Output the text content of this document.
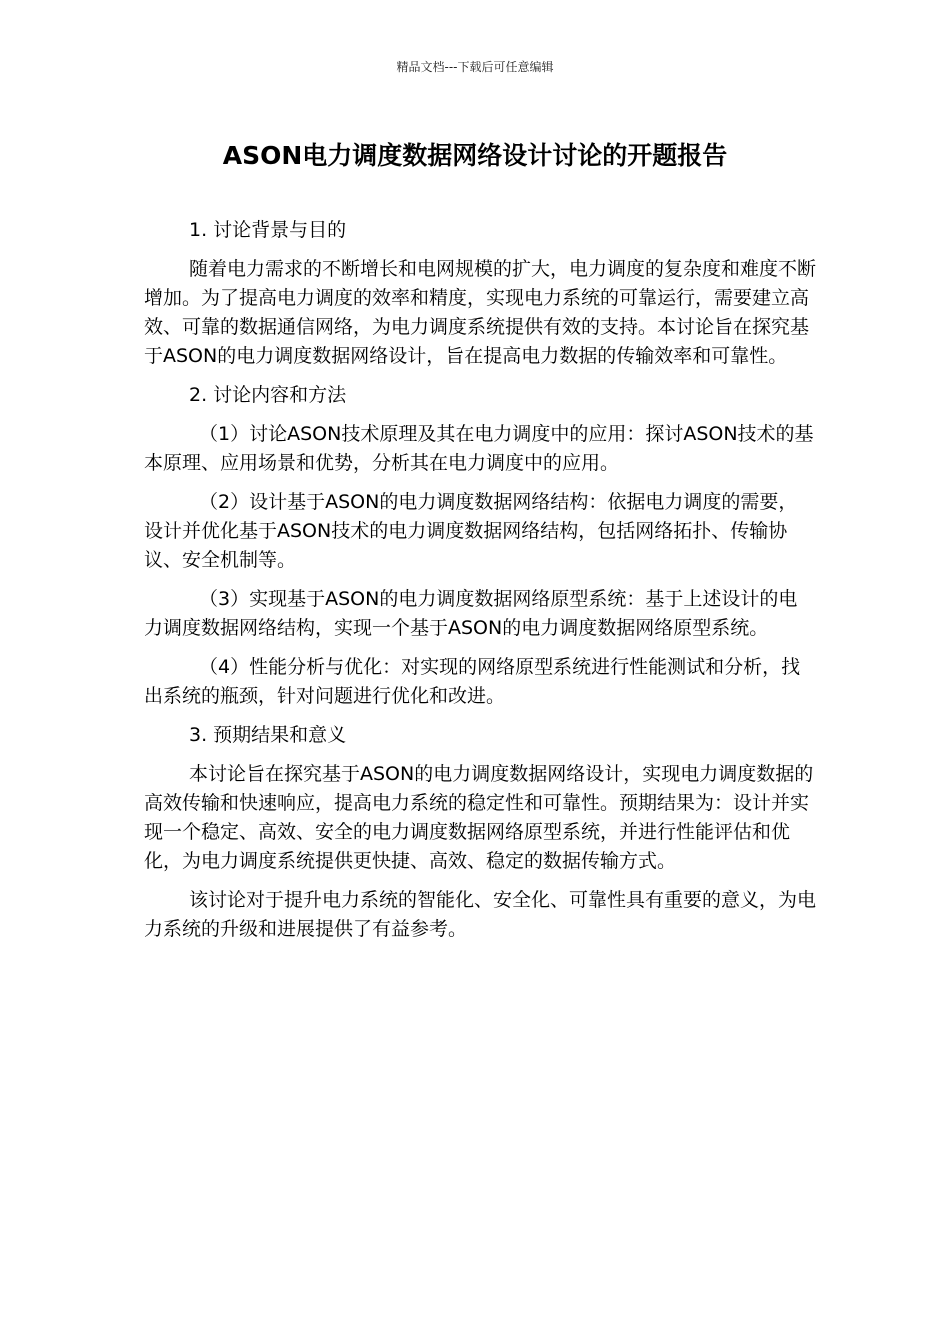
精品文档---下载后可任意编辑
ASON电力调度数据网络设计讨论的开题报告

1. 讨论背景与目的

随着电力需求的不断增长和电网规模的扩大，电力调度的复杂度和难度不断增加。为了提高电力调度的效率和精度，实现电力系统的可靠运行，需要建立高效、可靠的数据通信网络，为电力调度系统提供有效的支持。本讨论旨在探究基于ASON的电力调度数据网络设计，旨在提高电力数据的传输效率和可靠性。

2. 讨论内容和方法

（1）讨论ASON技术原理及其在电力调度中的应用：探讨ASON技术的基本原理、应用场景和优势，分析其在电力调度中的应用。

（2）设计基于ASON的电力调度数据网络结构：依据电力调度的需要，设计并优化基于ASON技术的电力调度数据网络结构，包括网络拓扑、传输协议、安全机制等。

（3）实现基于ASON的电力调度数据网络原型系统：基于上述设计的电力调度数据网络结构，实现一个基于ASON的电力调度数据网络原型系统。

（4）性能分析与优化：对实现的网络原型系统进行性能测试和分析，找出系统的瓶颈，针对问题进行优化和改进。

3. 预期结果和意义

本讨论旨在探究基于ASON的电力调度数据网络设计，实现电力调度数据的高效传输和快速响应，提高电力系统的稳定性和可靠性。预期结果为：设计并实现一个稳定、高效、安全的电力调度数据网络原型系统，并进行性能评估和优化，为电力调度系统提供更快捷、高效、稳定的数据传输方式。

该讨论对于提升电力系统的智能化、安全化、可靠性具有重要的意义，为电力系统的升级和进展提供了有益参考。
